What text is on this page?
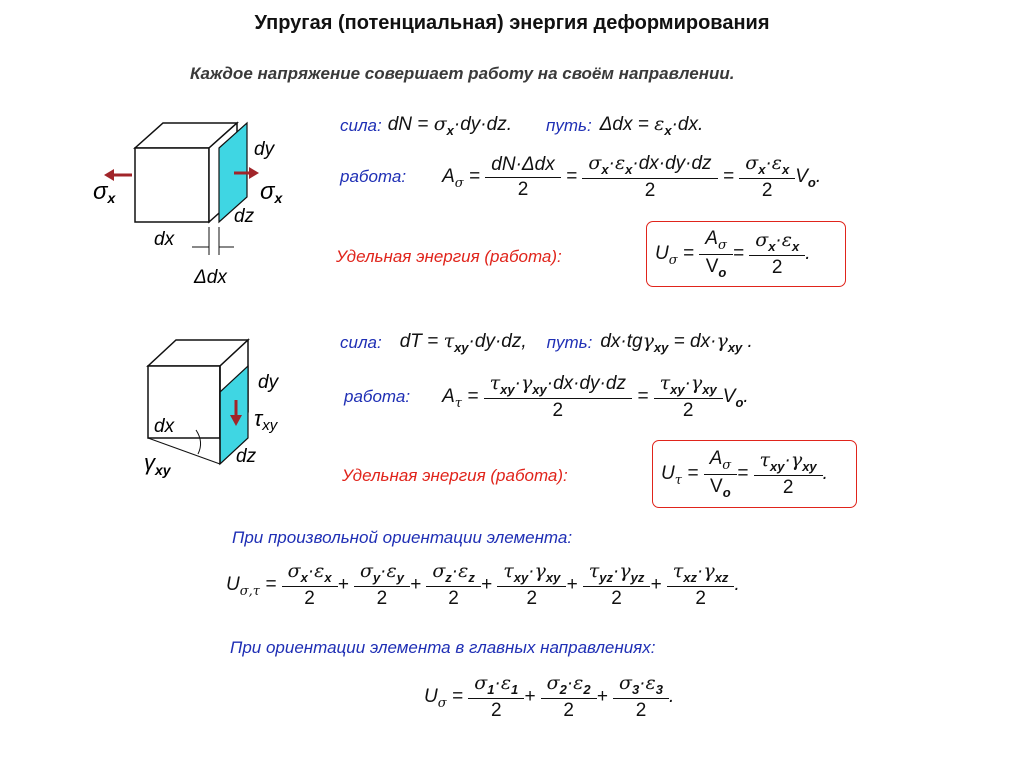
Упругая (потенциальная) энергия деформирования
Каждое напряжение совершает работу на своём направлении.
σx	σx
dy
dz
dx
Δdx
сила: dN = $\sigma_x\cdot dy\cdot dz$. путь: $\Delta dx = \varepsilon_x\cdot dx$.
работа: $A_\sigma = \frac{\text{dN·Δdx}}{2} = \frac{\sigma_x\cdot\varepsilon_x\cdot dx\cdot dy\cdot dz}{2} = \frac{\sigma_x\cdot\varepsilon_x}{2} V_o$.
Удельная энергия (работа):	$U_\sigma = \frac{A_\sigma}{V_o} = \frac{\sigma_x\cdot\varepsilon_x}{2}$ .
dy
τxy
dz
dx
$\gamma_{xy}$
сила: dT = $\tau_{xy}\cdot dy\cdot dz$, путь: $dx\cdot tg\gamma_{xy} = dx\cdot\gamma_{xy}$ .
работа: $A_\tau = \frac{\tau_{xy}\cdot\gamma_{xy}\cdot dx\cdot dy\cdot dz}{2} = \frac{\tau_{xy}\cdot\gamma_{xy}}{2} V_o$.
Удельная энергия (работа):	$U_\tau = \frac{A_\sigma}{V_o} = \frac{\tau_{xy}\cdot\gamma_{xy}}{2}$ .
При произвольной ориентации элемента:
$U_{\sigma,\tau} = \frac{\sigma_x\cdot\varepsilon_x}{2} + \frac{\sigma_y\cdot\varepsilon_y}{2} + \frac{\sigma_z\cdot\varepsilon_z}{2} + \frac{\tau_{xy}\cdot\gamma_{xy}}{2} + \frac{\tau_{yz}\cdot\gamma_{yz}}{2} + \frac{\tau_{xz}\cdot\gamma_{xz}}{2}$ .
При ориентации элемента в главных направлениях:
$U_\sigma = \frac{\sigma_1\cdot\varepsilon_1}{2} + \frac{\sigma_2\cdot\varepsilon_2}{2} + \frac{\sigma_3\cdot\varepsilon_3}{2}$ .
